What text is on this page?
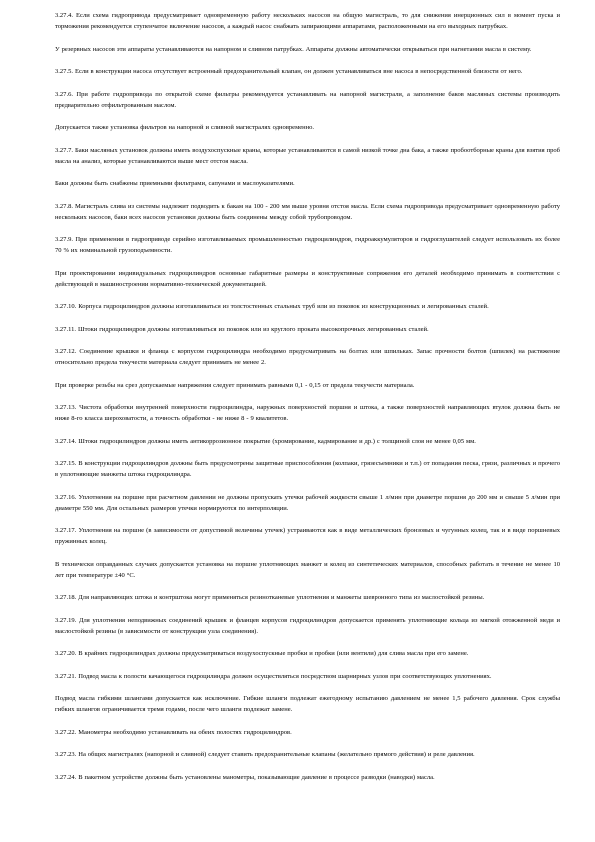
3.27.4. Если схема гидропривода предусматривает одновременную работу нескольких насосов на общую магистраль, то для снижения инерционных сил в момент пуска и торможения рекомендуется ступенчатое включение насосов, а каждый насос снабжать запирающими аппаратами, расположенными на его выходных патрубках.

У резервных насосов эти аппараты устанавливаются на напорном и сливном патрубках. Аппараты должны автоматически открываться при нагнетании масла в систему.

3.27.5. Если в конструкции насоса отсутствует встроенный предохранительный клапан, он должен устанавливаться вне насоса в непосредственной близости от него.

3.27.6. При работе гидропривода по открытой схеме фильтры рекомендуется устанавливать на напорной магистрали, а заполнение баков масляных системы производить предварительно отфильтрованным маслом.

Допускается также установка фильтров на напорной и сливной магистралях одновременно.

3.27.7. Баки масляных установок должны иметь воздухоспускные краны, которые устанавливаются в самой низкой точке дна бака, а также пробоотборные краны для взятия проб масла на анализ, которые устанавливаются выше мест отстоя масла.

Баки должны быть снабжены приемными фильтрами, сапунами и маслоуказателями.

3.27.8. Магистраль слива из системы надлежит подводить к бакам на 100 - 200 мм выше уровня отстоя масла. Если схема гидропривода предусматривает одновременную работу нескольких насосов, баки всех насосов установки должны быть соединены между собой трубопроводом.

3.27.9. При применении в гидроприводе серийно изготавливаемых промышленностью гидроцилиндров, гидроаккумуляторов и гидроглушителей следует использовать их более 70 % их номинальной грузоподъемности.

При проектировании индивидуальных гидроцилиндров основные габаритные размеры и конструктивные сопряжения его деталей необходимо принимать в соответствии с действующей в машиностроении нормативно-технической документацией.

3.27.10. Корпуса гидроцилиндров должны изготавливаться из толстостенных стальных труб или из поковок из конструкционных и легированных сталей.

3.27.11. Штоки гидроцилиндров должны изготавливаться из поковок или из круглого проката высокопрочных легированных сталей.

3.27.12. Соединение крышки и фланца с корпусом гидроцилиндра необходимо предусматривать на болтах или шпильках. Запас прочности болтов (шпилек) на растяжение относительно предела текучести материала следует принимать не менее 2.

При проверке резьбы на срез допускаемые напряжения следует принимать равными 0,1 - 0,15 от предела текучести материала.

3.27.13. Чистота обработки внутренней поверхности гидроцилиндра, наружных поверхностей поршня и штока, а также поверхностей направляющих втулок должна быть не ниже 8-го класса шероховатости, а точность обработки - не ниже 8 - 9 квалитетов.

3.27.14. Штоки гидроцилиндров должны иметь антикоррозионное покрытие (хромирование, кадмирование и др.) с толщиной слоя не менее 0,05 мм.

3.27.15. В конструкции гидроцилиндров должны быть предусмотрены защитные приспособления (колпаки, грязесъемники и т.п.) от попадания песка, грязи, различных и прочего в уплотняющие манжеты штока гидроцилиндра.

3.27.16. Уплотнения на поршне при расчетном давлении не должны пропускать утечки рабочей жидкости свыше 1 л/мин при диаметре поршня до 200 мм и свыше 5 л/мин при диаметре 550 мм. Для остальных размеров утечки нормируются по интерполяции.

3.27.17. Уплотнения на поршне (в зависимости от допустимой величины утечек) устраиваются как в виде металлических бронзовых и чугунных колец, так и в виде поршневых пружинных колец.

В технически оправданных случаях допускается установка на поршне уплотняющих манжет и колец из синтетических материалов, способных работать в течение не менее 10 лет при температуре ±40 °С.

3.27.18. Для направляющих штока и контрштока могут применяться резинотканевые уплотнения и манжеты шевронного типа из маслостойкой резины.

3.27.19. Для уплотнения неподвижных соединений крышек и фланцев корпусов гидроцилиндров допускается применять уплотняющие кольца из мягкой отожженной меди и маслостойкой резины (в зависимости от конструкции узла соединения).

3.27.20. В крайних гидроцилиндрах должны предусматриваться воздухоспускные пробки и пробки (или вентили) для слива масла при его замене.

3.27.21. Подвод масла к полости качающегося гидроцилиндра должен осуществляться посредством шарнирных узлов при соответствующих уплотнениях.

Подвод масла гибкими шлангами допускается как исключение. Гибкие шланги подлежат ежегодному испытанию давлением не менее 1,5 рабочего давления. Срок службы гибких шлангов ограничивается тремя годами, после чего шланги подлежат замене.

3.27.22. Манометры необходимо устанавливать на обеих полостях гидроцилиндров.

3.27.23. На общих магистралях (напорной и сливной) следует ставить предохранительные клапаны (желательно прямого действия) и реле давления.

3.27.24. В пакетном устройстве должны быть установлены манометры, показывающие давление в процессе разводки (наводки) масла.
